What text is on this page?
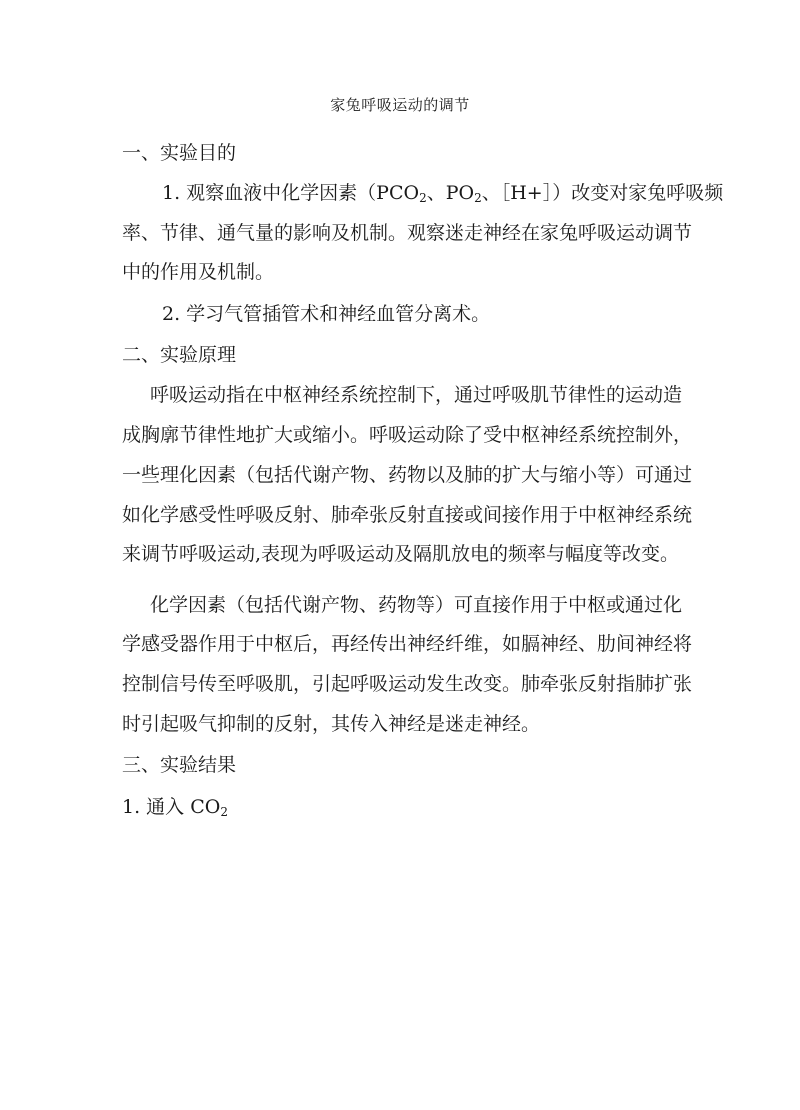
家兔呼吸运动的调节
一、实验目的
1. 观察血液中化学因素（$PCO_2$、$PO_2$、［H+］）改变对家兔呼吸频
率、节律、通气量的影响及机制。观察迷走神经在家兔呼吸运动调节
中的作用及机制。
2. 学习气管插管术和神经血管分离术。
二、实验原理
呼吸运动指在中枢神经系统控制下，通过呼吸肌节律性的运动造
成胸廓节律性地扩大或缩小。呼吸运动除了受中枢神经系统控制外，
一些理化因素（包括代谢产物、药物以及肺的扩大与缩小等）可通过
如化学感受性呼吸反射、肺牵张反射直接或间接作用于中枢神经系统
来调节呼吸运动,表现为呼吸运动及隔肌放电的频率与幅度等改变。
化学因素（包括代谢产物、药物等）可直接作用于中枢或通过化
学感受器作用于中枢后，再经传出神经纤维，如膈神经、肋间神经将
控制信号传至呼吸肌，引起呼吸运动发生改变。肺牵张反射指肺扩张
时引起吸气抑制的反射，其传入神经是迷走神经。
三、实验结果
1. 通入 $CO_2$
